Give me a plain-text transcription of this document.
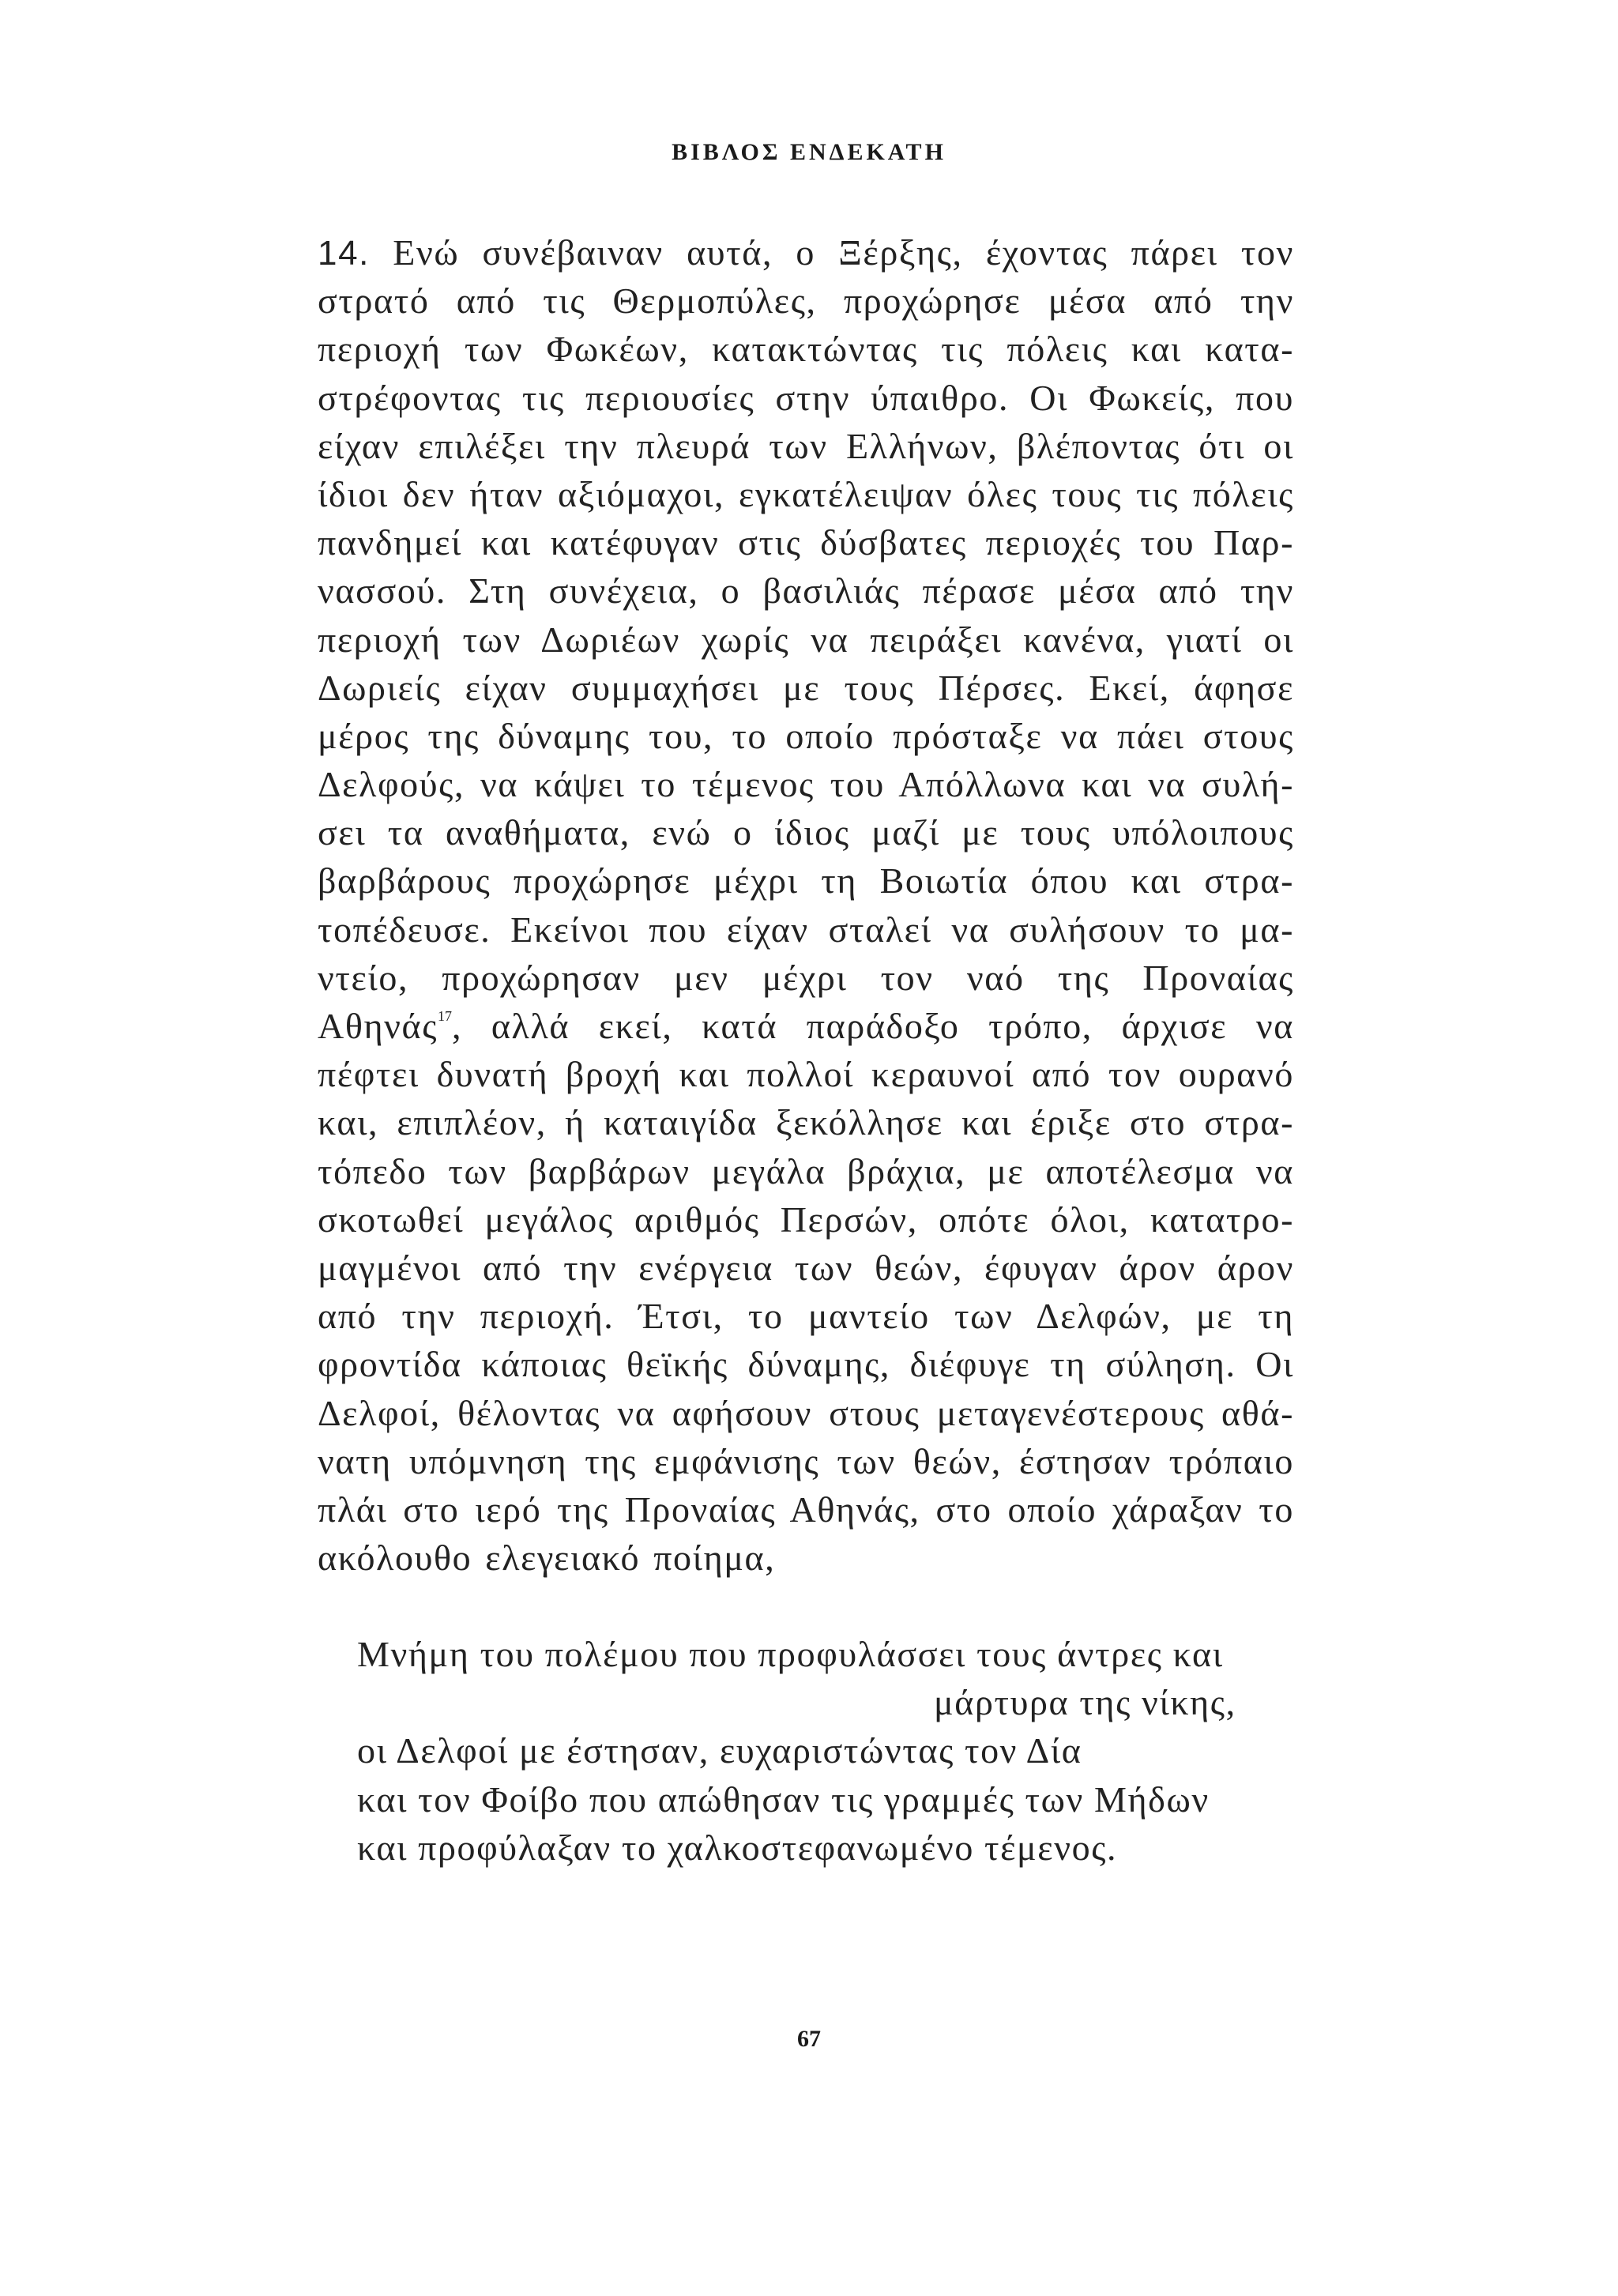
ΒΙΒΛΟΣ ΕΝΔΕΚΑΤΗ
14. Ενώ συνέβαιναν αυτά, ο Ξέρξης, έχοντας πάρει τον
στρατό από τις Θερμοπύλες, προχώρησε μέσα από την
περιοχή των Φωκέων, κατακτώντας τις πόλεις και κατα-
στρέφοντας τις περιουσίες στην ύπαιθρο. Οι Φωκείς, που
είχαν επιλέξει την πλευρά των Ελλήνων, βλέποντας ότι οι
ίδιοι δεν ήταν αξιόμαχοι, εγκατέλειψαν όλες τους τις πόλεις
πανδημεί και κατέφυγαν στις δύσβατες περιοχές του Παρ-
νασσού. Στη συνέχεια, ο βασιλιάς πέρασε μέσα από την
περιοχή των Δωριέων χωρίς να πειράξει κανένα, γιατί οι
Δωριείς είχαν συμμαχήσει με τους Πέρσες. Εκεί, άφησε
μέρος της δύναμης του, το οποίο πρόσταξε να πάει στους
Δελφούς, να κάψει το τέμενος του Απόλλωνα και να συλή-
σει τα αναθήματα, ενώ ο ίδιος μαζί με τους υπόλοιπους
βαρβάρους προχώρησε μέχρι τη Βοιωτία όπου και στρα-
τοπέδευσε. Εκείνοι που είχαν σταλεί να συλήσουν το μα-
ντείο, προχώρησαν μεν μέχρι τον ναό της Προναίας
Αθηνάς$^{17}$, αλλά εκεί, κατά παράδοξο τρόπο, άρχισε να
πέφτει δυνατή βροχή και πολλοί κεραυνοί από τον ουρανό
και, επιπλέον, ή καταιγίδα ξεκόλλησε και έριξε στο στρα-
τόπεδο των βαρβάρων μεγάλα βράχια, με αποτέλεσμα να
σκοτωθεί μεγάλος αριθμός Περσών, οπότε όλοι, κατατρο-
μαγμένοι από την ενέργεια των θεών, έφυγαν άρον άρον
από την περιοχή. Έτσι, το μαντείο των Δελφών, με τη
φροντίδα κάποιας θεϊκής δύναμης, διέφυγε τη σύληση. Οι
Δελφοί, θέλοντας να αφήσουν στους μεταγενέστερους αθά-
νατη υπόμνηση της εμφάνισης των θεών, έστησαν τρόπαιο
πλάι στο ιερό της Προναίας Αθηνάς, στο οποίο χάραξαν το
ακόλουθο ελεγειακό ποίημα,
Μνήμη του πολέμου που προφυλάσσει τους άντρες και
μάρτυρα της νίκης,
οι Δελφοί με έστησαν, ευχαριστώντας τον Δία
και τον Φοίβο που απώθησαν τις γραμμές των Μήδων
και προφύλαξαν το χαλκοστεφανωμένο τέμενος.
67
